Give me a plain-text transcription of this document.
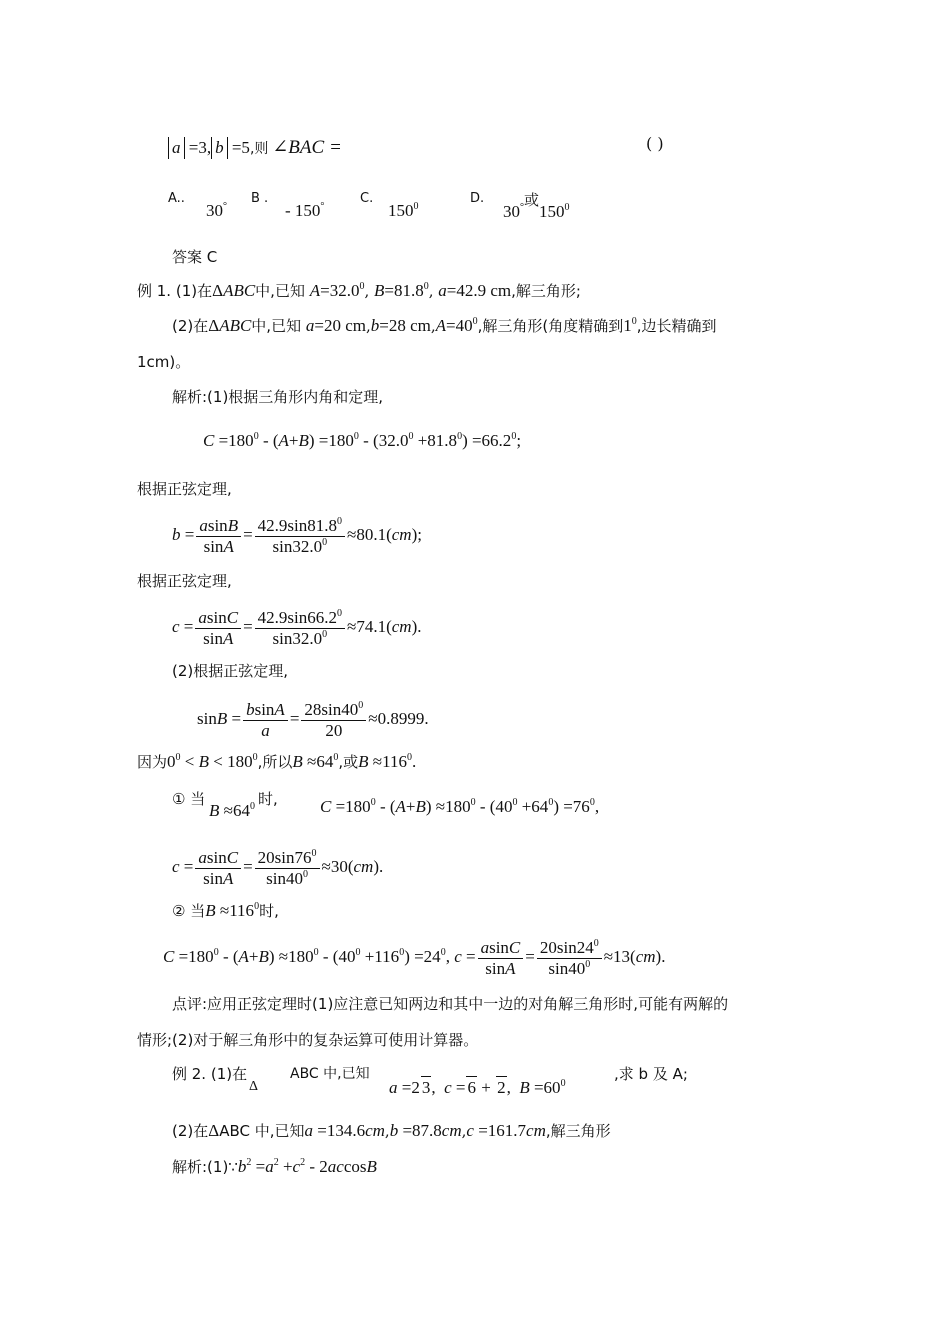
a =3, b =5,则 ∠BAC =	( )
A..
30°
B .
- 150°
C.
$150^0$
D.
30°或$150^0$
答案 C
例 1. (1)在ΔABC中,已知 $A=32.0^0$, $B=81.8^0$, a=42.9 cm,解三角形;
(2)在ΔABC中,已知 a=20 cm,b=28 $cm,A=40^0$,解三角形(角度精确到$1^0$,边长精确到
1cm)。
解析:(1)根据三角形内角和定理,
$C =180^0 - (A+B) =180^0 - (32.0^0 +81.8^0) =66.2^0$;
根据正弦定理,
$b = \frac{asinB}{\sin A} = \frac{42.9\sin 81.8^0}{\sin 32.0^0} \approx 80.1(cm)$;
根据正弦定理,
$c = \frac{asinC}{\sin A} = \frac{42.9\sin 66.2^0}{\sin 32.0^0} \approx 74.1(cm)$.
(2)根据正弦定理,
$\sin B = \frac{bsinA}{a} = \frac{28\sin 40^0}{20} \approx 0.8999$.
因为$0^0 < B < 180^0$,所以$B \approx 64^0$,或$B \approx 116^0$.
① 当
$B \approx 64^0$ 时, $C =180^0 - (A+B) \approx 180^0 - (40^0 +64^0) =76^0$,
$c = \frac{asinC}{\sin A} = \frac{20\sin 76^0}{\sin 40^0} \approx 30(cm)$.
② 当$B \approx 116^0$时,
$C =180^0 - (A+B) \approx 180^0 - (40^0 +116^0) =24^0$, $c = \frac{asinC}{\sin A} = \frac{20\sin 24^0}{\sin 40^0} \approx 13(cm)$.
点评:应用正弦定理时(1)应注意已知两边和其中一边的对角解三角形时,可能有两解的
情形;(2)对于解三角形中的复杂运算可使用计算器。
例 2. (1)在
Δ
ABC 中,已知
a =2 3,  c = 6 + 2,  $B =60^0$
,求 b 及 A;
(2)在ΔABC 中,已知a =134.6cm,b =87.8cm,c =161.7cm,解三角形
解析$:(1)\because b^2 =a^2 +c^2 - 2accosB$
